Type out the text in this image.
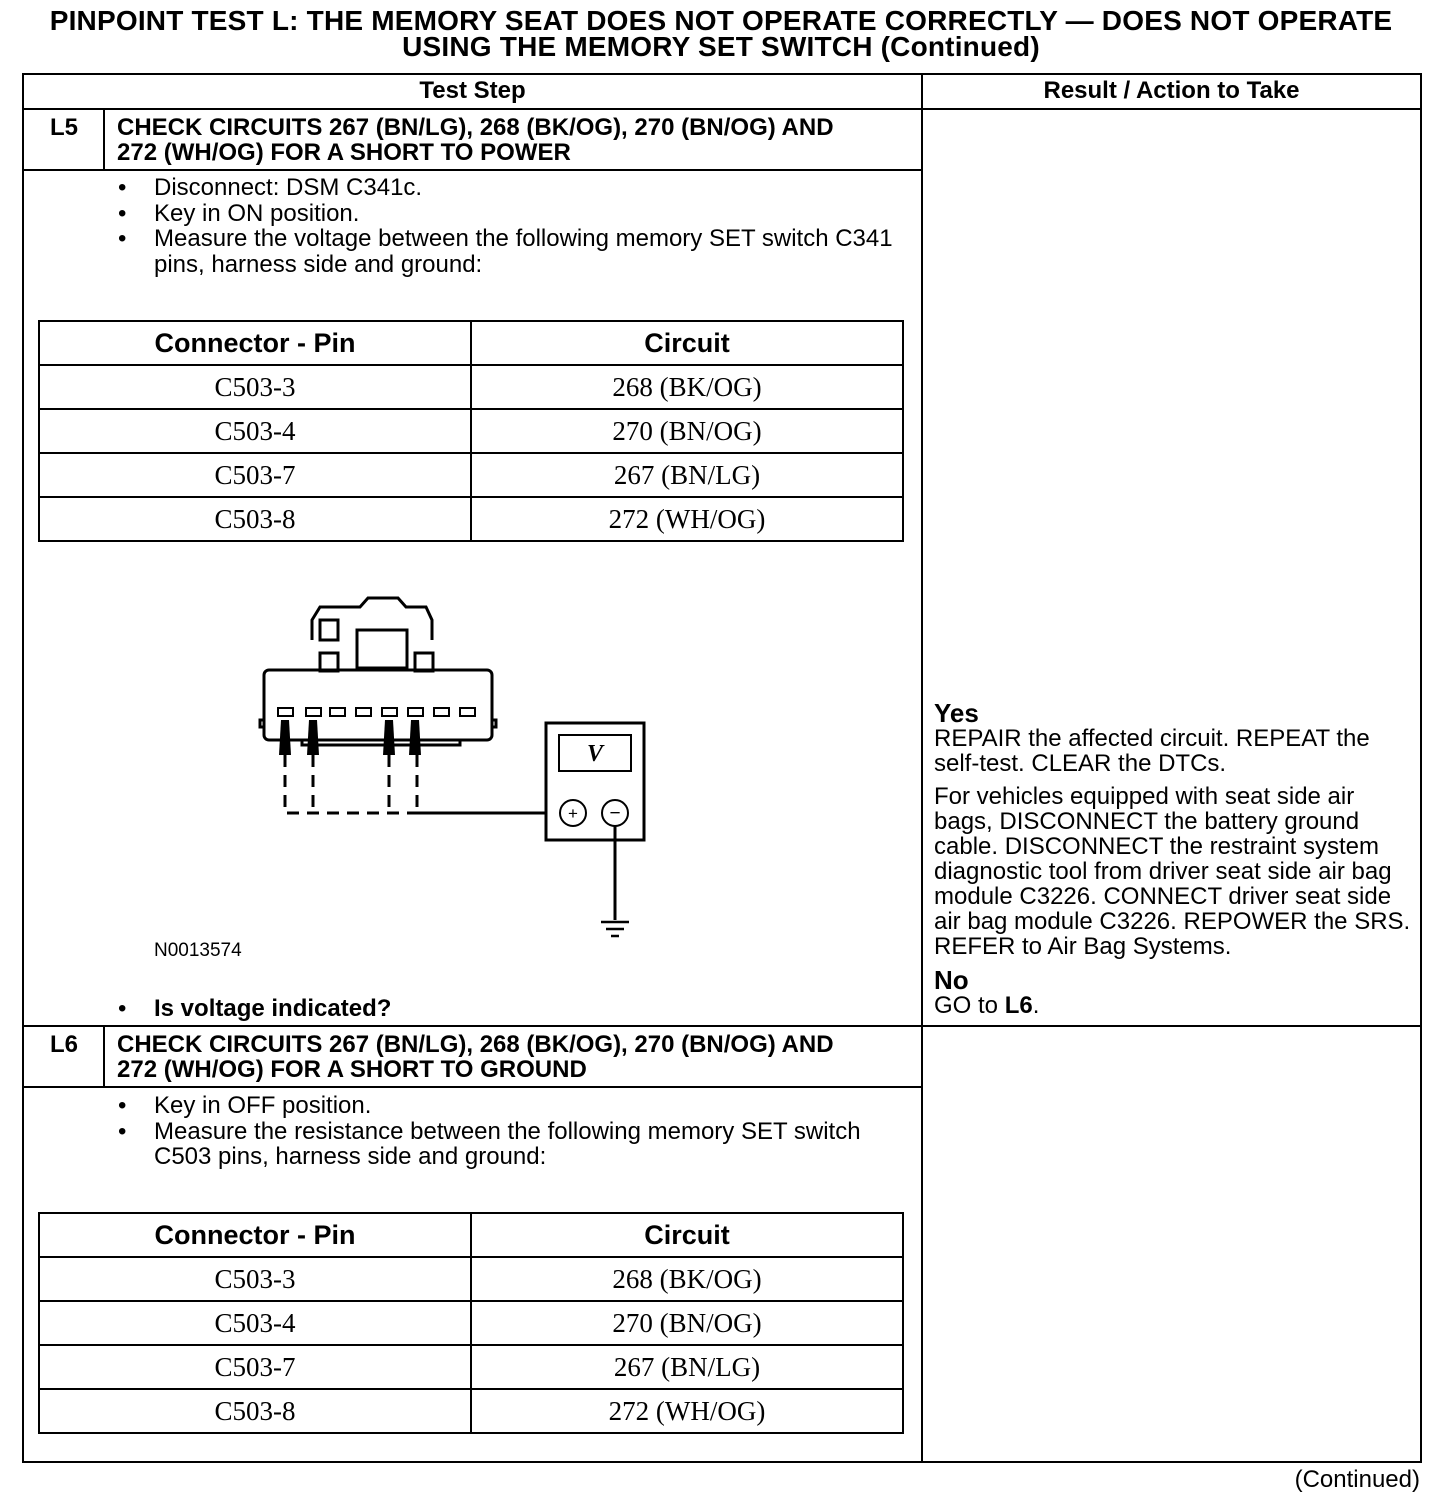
PINPOINT TEST L: THE MEMORY SEAT DOES NOT OPERATE CORRECTLY — DOES NOT OPERATE
USING THE MEMORY SET SWITCH (Continued)
Test Step	Result / Action to Take
L5	CHECK CIRCUITS 267 (BN/LG), 268 (BK/OG), 270 (BN/OG) AND
272 (WH/OG) FOR A SHORT TO POWER
• Disconnect: DSM C341c.
• Key in ON position.
• Measure the voltage between the following memory SET switch C341 pins, harness side and ground:
Connector - Pin	Circuit
C503-3	268 (BK/OG)
C503-4	270 (BN/OG)
C503-7	267 (BN/LG)
C503-8	272 (WH/OG)
V
+ −
N0013574
• Is voltage indicated?
Yes

REPAIR the affected circuit. REPEAT the self-test. CLEAR the DTCs.

For vehicles equipped with seat side air bags, DISCONNECT the battery ground cable. DISCONNECT the restraint system diagnostic tool from driver seat side air bag module C3226. CONNECT driver seat side air bag module C3226. REPOWER the SRS. REFER to Air Bag Systems.

No

GO to L6.

L6	CHECK CIRCUITS 267 (BN/LG), 268 (BK/OG), 270 (BN/OG) AND
272 (WH/OG) FOR A SHORT TO GROUND
• Key in OFF position.
• Measure the resistance between the following memory SET switch C503 pins, harness side and ground:
Connector - Pin	Circuit
C503-3	268 (BK/OG)
C503-4	270 (BN/OG)
C503-7	267 (BN/LG)
C503-8	272 (WH/OG)
(Continued)
